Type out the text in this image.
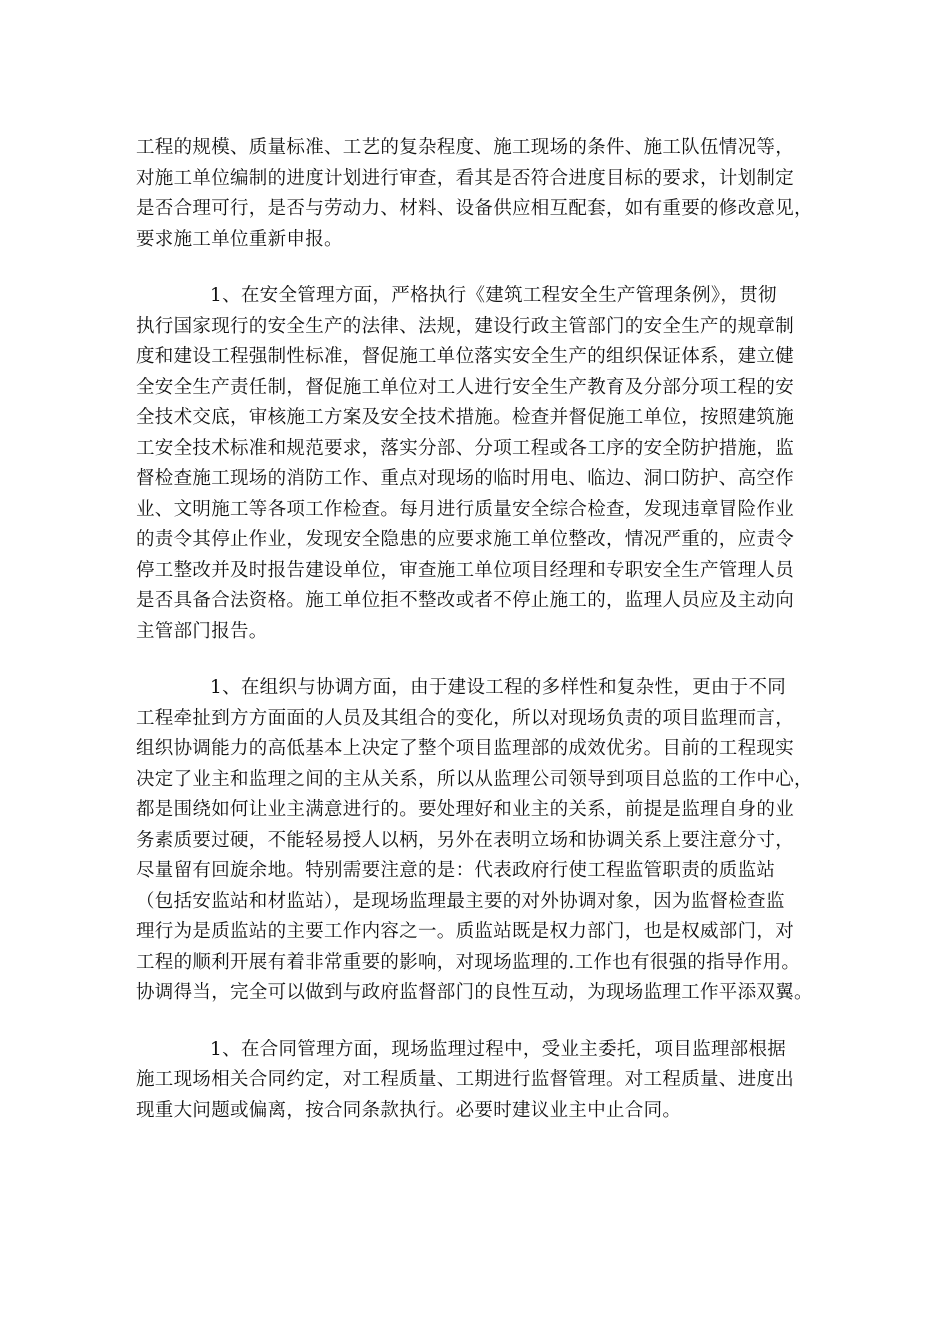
工程的规模、质量标准、工艺的复杂程度、施工现场的条件、施工队伍情况等，
对施工单位编制的进度计划进行审查，看其是否符合进度目标的要求，计划制定
是否合理可行，是否与劳动力、材料、设备供应相互配套，如有重要的修改意见，
要求施工单位重新申报。

1、在安全管理方面，严格执行《建筑工程安全生产管理条例》，贯彻
执行国家现行的安全生产的法律、法规，建设行政主管部门的安全生产的规章制
度和建设工程强制性标准，督促施工单位落实安全生产的组织保证体系，建立健
全安全生产责任制，督促施工单位对工人进行安全生产教育及分部分项工程的安
全技术交底，审核施工方案及安全技术措施。检查并督促施工单位，按照建筑施
工安全技术标准和规范要求，落实分部、分项工程或各工序的安全防护措施，监
督检查施工现场的消防工作、重点对现场的临时用电、临边、洞口防护、高空作
业、文明施工等各项工作检查。每月进行质量安全综合检查，发现违章冒险作业
的责令其停止作业，发现安全隐患的应要求施工单位整改，情况严重的，应责令
停工整改并及时报告建设单位，审查施工单位项目经理和专职安全生产管理人员
是否具备合法资格。施工单位拒不整改或者不停止施工的，监理人员应及主动向
主管部门报告。

1、在组织与协调方面，由于建设工程的多样性和复杂性，更由于不同
工程牵扯到方方面面的人员及其组合的变化，所以对现场负责的项目监理而言，
组织协调能力的高低基本上决定了整个项目监理部的成效优劣。目前的工程现实
决定了业主和监理之间的主从关系，所以从监理公司领导到项目总监的工作中心，
都是围绕如何让业主满意进行的。要处理好和业主的关系，前提是监理自身的业
务素质要过硬，不能轻易授人以柄，另外在表明立场和协调关系上要注意分寸，
尽量留有回旋余地。特别需要注意的是：代表政府行使工程监管职责的质监站
（包括安监站和材监站），是现场监理最主要的对外协调对象，因为监督检查监
理行为是质监站的主要工作内容之一。质监站既是权力部门，也是权威部门，对
工程的顺利开展有着非常重要的影响，对现场监理的.工作也有很强的指导作用。
协调得当，完全可以做到与政府监督部门的良性互动，为现场监理工作平添双翼。

1、在合同管理方面，现场监理过程中，受业主委托，项目监理部根据
施工现场相关合同约定，对工程质量、工期进行监督管理。对工程质量、进度出
现重大问题或偏离，按合同条款执行。必要时建议业主中止合同。
